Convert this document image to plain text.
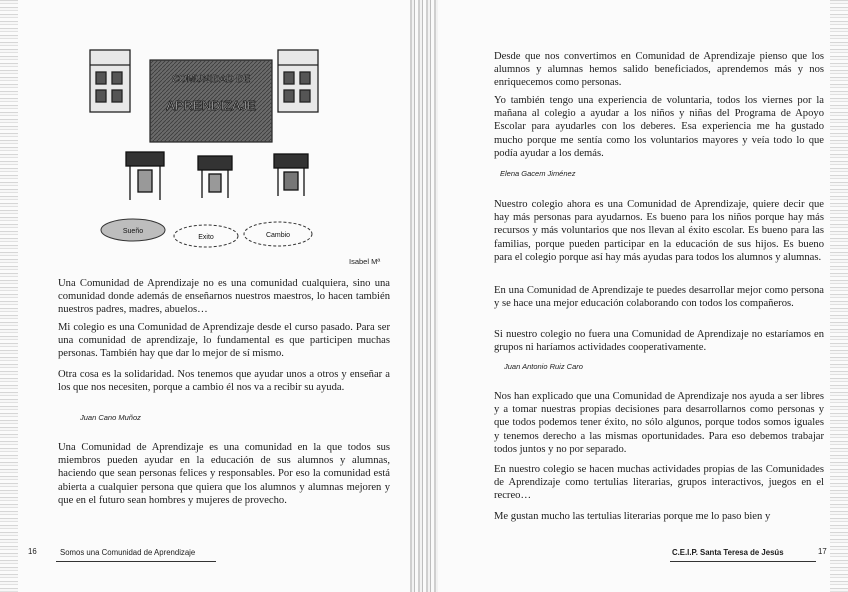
COMUNIDAD DE
APRENDIZAJE
Sueño
Exito	Cambio
Isabel Mª

Una Comunidad de Aprendizaje no es una comunidad cualquiera, sino una comunidad donde además de enseñarnos nuestros maestros, lo hacen también nuestros padres, madres, abuelos…

Mi colegio es una Comunidad de Aprendizaje desde el curso pasado. Para ser una comunidad de aprendizaje, lo fundamental es que participen muchas personas. También hay que dar lo mejor de sí mismo.

Otra cosa es la solidaridad. Nos tenemos que ayudar unos a otros y enseñar a los que nos necesiten, porque a cambio él nos va a recibir su ayuda.

Juan Cano Muñoz

Una Comunidad de Aprendizaje es una comunidad en la que todos sus miembros pueden ayudar en la educación de sus alumnos y alumnas, haciendo que sean personas felices y responsables. Por eso la comunidad está abierta a cualquier persona que quiera que los alumnos y alumnas mejoren y que en el futuro sean hombres y mujeres de provecho.

16	Somos una Comunidad de Aprendizaje

Desde que nos convertimos en Comunidad de Aprendizaje pienso que los alumnos y alumnas hemos salido beneficiados, aprendemos más y nos enriquecemos como personas.

Yo también tengo una experiencia de voluntaria, todos los viernes por la mañana al colegio a ayudar a los niños y niñas del Programa de Apoyo Escolar para ayudarles con los deberes. Esa experiencia me ha gustado mucho porque me sentía como los voluntarios mayores y veía todo lo que podía ayudar a los demás.

Elena Gacem Jiménez

Nuestro colegio ahora es una Comunidad de Aprendizaje, quiere decir que hay más personas para ayudarnos. Es bueno para los niños porque hay más recursos y más voluntarios que nos llevan al éxito escolar. Es bueno para las familias, porque pueden participar en la educación de sus hijos. Es bueno para el colegio porque así hay más ayudas para todos los alumnos y alumnas.

En una Comunidad de Aprendizaje te puedes desarrollar mejor como persona y se hace una mejor educación colaborando con todos los compañeros.

Si nuestro colegio no fuera una Comunidad de Aprendizaje no estaríamos en grupos ni haríamos actividades cooperativamente.

Juan Antonio Ruiz Caro

Nos han explicado que una Comunidad de Aprendizaje nos ayuda a ser libres y a tomar nuestras propias decisiones para desarrollarnos como personas y que todos podemos tener éxito, no sólo algunos, porque todos somos iguales y tenemos derecho a las mismas oportunidades. Para eso debemos trabajar todos juntos y no por separado.

En nuestro colegio se hacen muchas actividades propias de las Comunidades de Aprendizaje como tertulias literarias, grupos interactivos, juegos en el recreo…

Me gustan mucho las tertulias literarias porque me lo paso bien y

C.E.I.P. Santa Teresa de Jesús	17
